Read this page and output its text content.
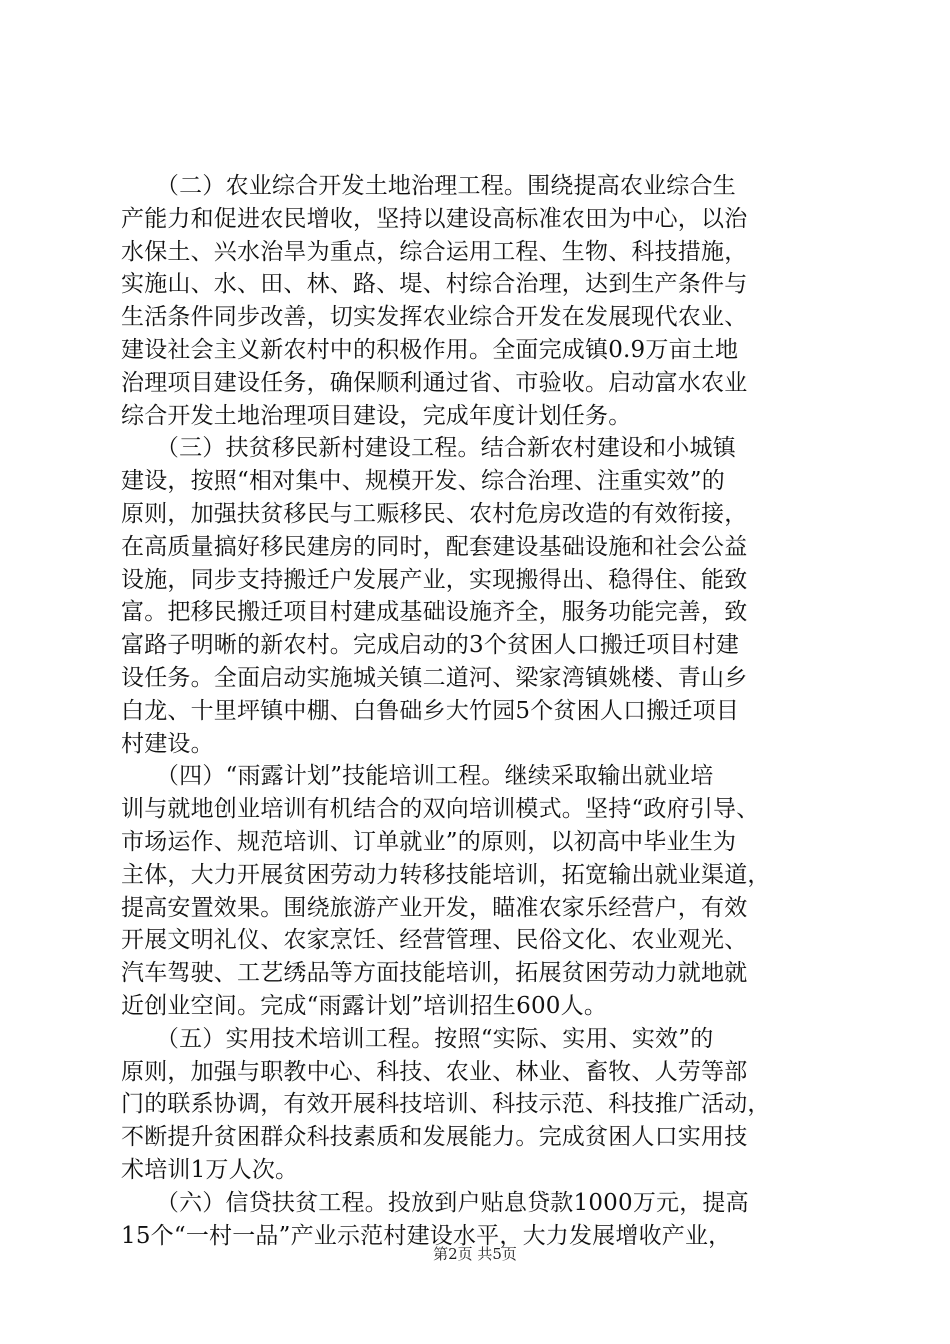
　　（二）农业综合开发土地治理工程。围绕提高农业综合生
产能力和促进农民增收，坚持以建设高标准农田为中心，以治
水保土、兴水治旱为重点，综合运用工程、生物、科技措施，
实施山、水、田、林、路、堤、村综合治理，达到生产条件与
生活条件同步改善，切实发挥农业综合开发在发展现代农业、
建设社会主义新农村中的积极作用。全面完成镇0.9万亩土地
治理项目建设任务，确保顺利通过省、市验收。启动富水农业
综合开发土地治理项目建设，完成年度计划任务。
　　（三）扶贫移民新村建设工程。结合新农村建设和小城镇
建设，按照“相对集中、规模开发、综合治理、注重实效”的
原则，加强扶贫移民与工赈移民、农村危房改造的有效衔接，
在高质量搞好移民建房的同时，配套建设基础设施和社会公益
设施，同步支持搬迁户发展产业，实现搬得出、稳得住、能致
富。把移民搬迁项目村建成基础设施齐全，服务功能完善，致
富路子明晰的新农村。完成启动的3个贫困人口搬迁项目村建
设任务。全面启动实施城关镇二道河、梁家湾镇姚楼、青山乡
白龙、十里坪镇中棚、白鲁础乡大竹园5个贫困人口搬迁项目
村建设。
　　（四）“雨露计划”技能培训工程。继续采取输出就业培
训与就地创业培训有机结合的双向培训模式。坚持“政府引导、
市场运作、规范培训、订单就业”的原则，以初高中毕业生为
主体，大力开展贫困劳动力转移技能培训，拓宽输出就业渠道，
提高安置效果。围绕旅游产业开发，瞄准农家乐经营户，有效
开展文明礼仪、农家烹饪、经营管理、民俗文化、农业观光、
汽车驾驶、工艺绣品等方面技能培训，拓展贫困劳动力就地就
近创业空间。完成“雨露计划”培训招生600人。
　　（五）实用技术培训工程。按照“实际、实用、实效”的
原则，加强与职教中心、科技、农业、林业、畜牧、人劳等部
门的联系协调，有效开展科技培训、科技示范、科技推广活动，
不断提升贫困群众科技素质和发展能力。完成贫困人口实用技
术培训1万人次。
　　（六）信贷扶贫工程。投放到户贴息贷款1000万元，提高
15个“一村一品”产业示范村建设水平，大力发展增收产业，
第2页 共5页
